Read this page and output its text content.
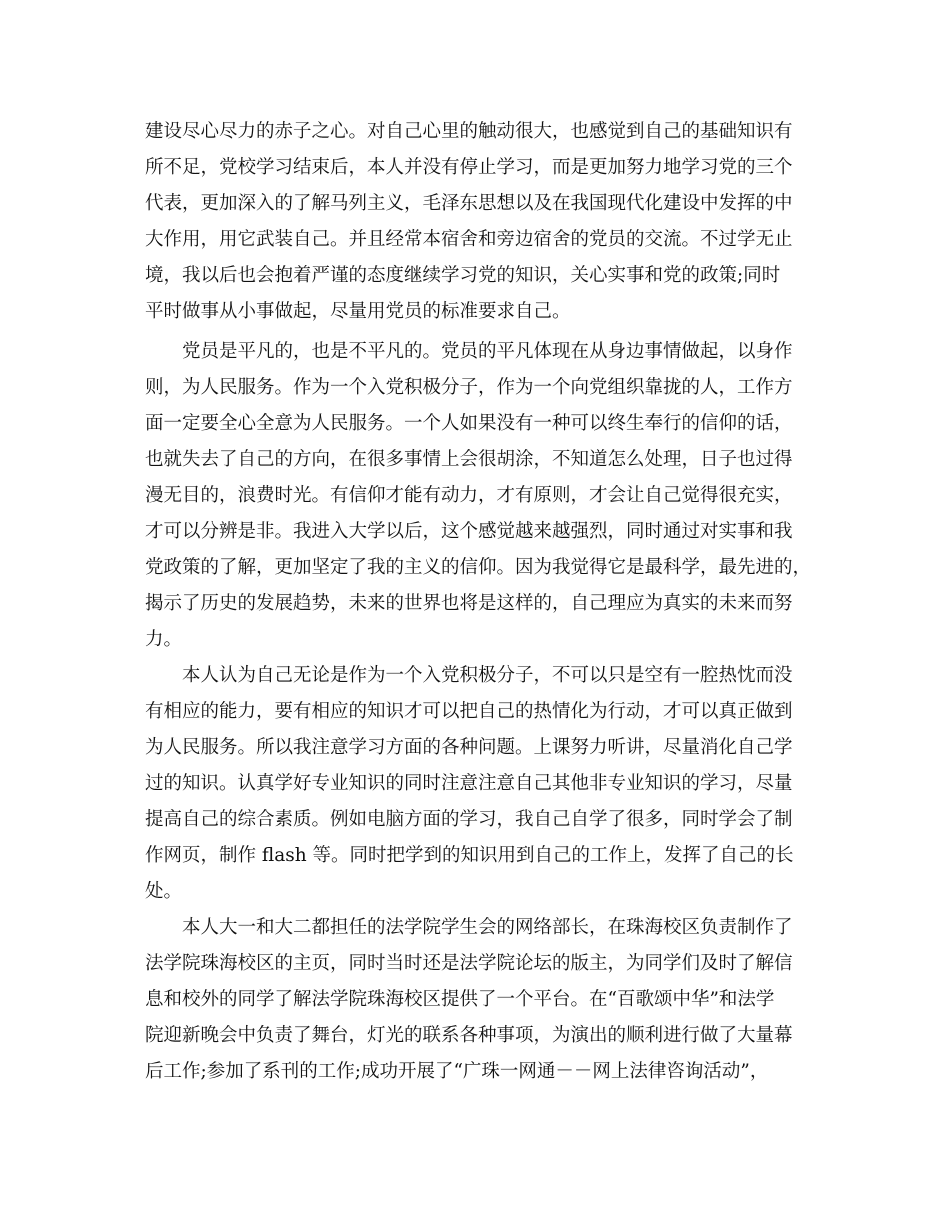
建设尽心尽力的赤子之心。对自己心里的触动很大，也感觉到自己的基础知识有
所不足，党校学习结束后，本人并没有停止学习，而是更加努力地学习党的三个
代表，更加深入的了解马列主义，毛泽东思想以及在我国现代化建设中发挥的中
大作用，用它武装自己。并且经常本宿舍和旁边宿舍的党员的交流。不过学无止
境，我以后也会抱着严谨的态度继续学习党的知识，关心实事和党的政策;同时
平时做事从小事做起，尽量用党员的标准要求自己。
党员是平凡的，也是不平凡的。党员的平凡体现在从身边事情做起，以身作
则，为人民服务。作为一个入党积极分子，作为一个向党组织靠拢的人，工作方
面一定要全心全意为人民服务。一个人如果没有一种可以终生奉行的信仰的话，
也就失去了自己的方向，在很多事情上会很胡涂，不知道怎么处理，日子也过得
漫无目的，浪费时光。有信仰才能有动力，才有原则，才会让自己觉得很充实，
才可以分辨是非。我进入大学以后，这个感觉越来越强烈，同时通过对实事和我
党政策的了解，更加坚定了我的主义的信仰。因为我觉得它是最科学，最先进的，
揭示了历史的发展趋势，未来的世界也将是这样的，自己理应为真实的未来而努
力。
本人认为自己无论是作为一个入党积极分子，不可以只是空有一腔热忱而没
有相应的能力，要有相应的知识才可以把自己的热情化为行动，才可以真正做到
为人民服务。所以我注意学习方面的各种问题。上课努力听讲，尽量消化自己学
过的知识。认真学好专业知识的同时注意注意自己其他非专业知识的学习，尽量
提高自己的综合素质。例如电脑方面的学习，我自己自学了很多，同时学会了制
作网页，制作 flash 等。同时把学到的知识用到自己的工作上，发挥了自己的长
处。
本人大一和大二都担任的法学院学生会的网络部长，在珠海校区负责制作了
法学院珠海校区的主页，同时当时还是法学院论坛的版主，为同学们及时了解信
息和校外的同学了解法学院珠海校区提供了一个平台。在“百歌颂中华”和法学
院迎新晚会中负责了舞台，灯光的联系各种事项，为演出的顺利进行做了大量幕
后工作;参加了系刊的工作;成功开展了“广珠一网通－－网上法律咨询活动”，
